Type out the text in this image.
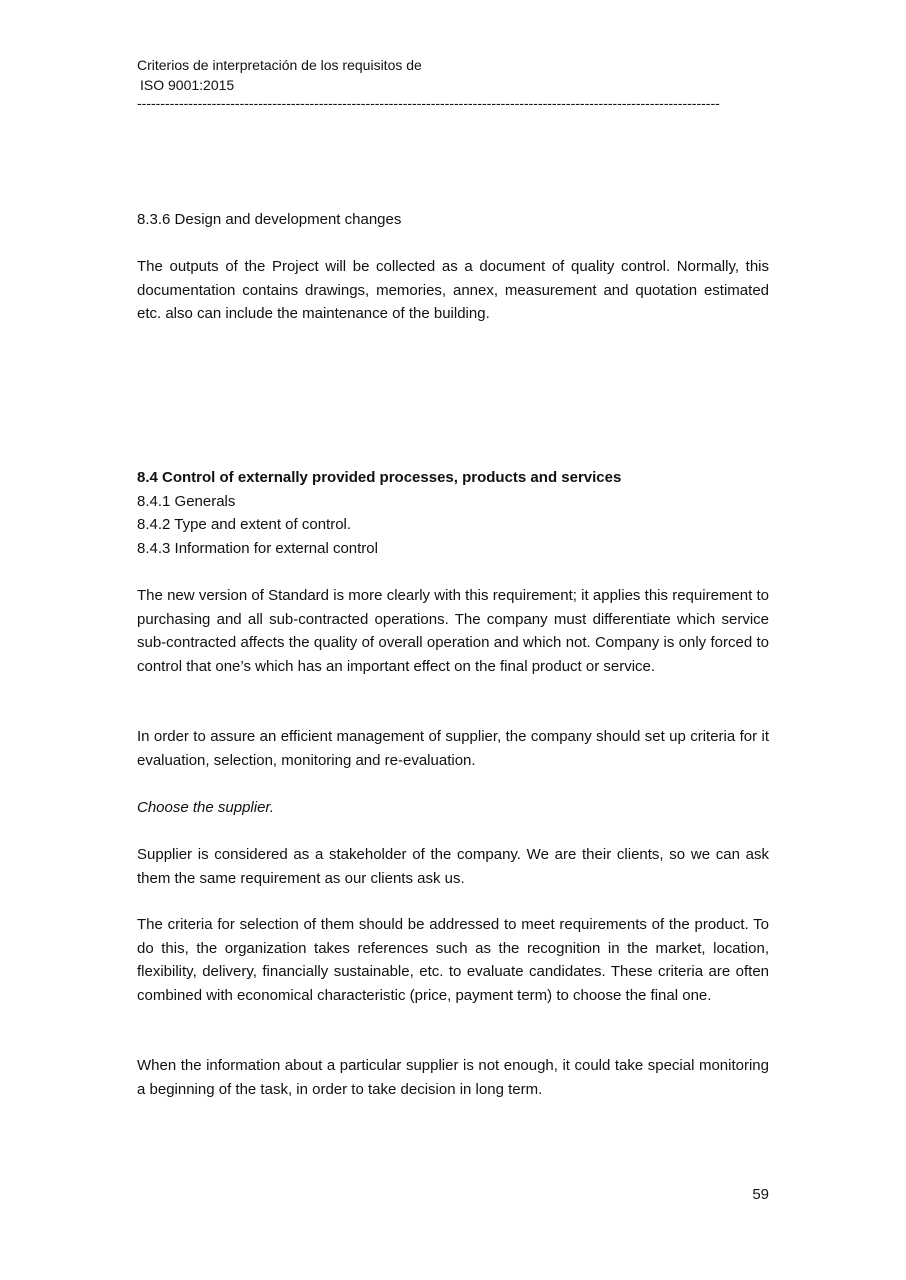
Criterios de interpretación de los requisitos de
ISO 9001:2015
-----------------------------------------------------------------------------------------------------------------------------

8.3.6 Design and development changes

The outputs of the Project will be collected as a document of quality control. Normally, this documentation contains drawings, memories, annex, measurement and quotation estimated etc. also can include the maintenance of the building.

8.4 Control of externally provided processes, products and services

8.4.1 Generals

8.4.2 Type and extent of control.

8.4.3 Information for external control

The new version of Standard is more clearly with this requirement; it applies this requirement to purchasing and all sub-contracted operations. The company must differentiate which service sub-contracted affects the quality of overall operation and which not. Company is only forced to control that one’s which has an important effect on the final product or service.

In order to assure an efficient management of supplier, the company should set up criteria for it evaluation, selection, monitoring and re-evaluation.

Choose the supplier.

Supplier is considered as a stakeholder of the company. We are their clients, so we can ask them the same requirement as our clients ask us.

The criteria for selection of them should be addressed to meet requirements of the product. To do this, the organization takes references such as the recognition in the market, location, flexibility, delivery, financially sustainable, etc. to evaluate candidates. These criteria are often combined with economical characteristic (price, payment term) to choose the final one.

When the information about a particular supplier is not enough, it could take special monitoring a beginning of the task, in order to take decision in long term.

59
